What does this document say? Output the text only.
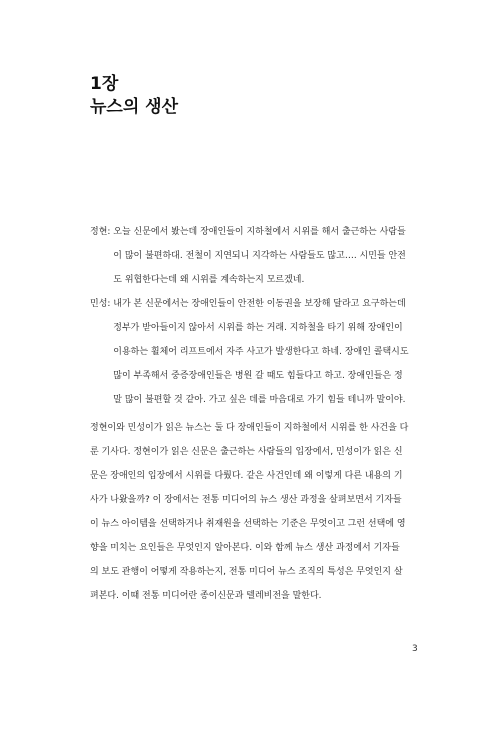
1장
뉴스의 생산
정현: 오늘 신문에서 봤는데 장애인들이 지하철에서 시위를 해서 출근하는 사람들
이 많이 불편하대. 전철이 지연되니 지각하는 사람들도 많고…. 시민들 안전
도 위협한다는데 왜 시위를 계속하는지 모르겠네.
민성: 내가 본 신문에서는 장애인들이 안전한 이동권을 보장해 달라고 요구하는데
정부가 받아들이지 않아서 시위를 하는 거래. 지하철을 타기 위해 장애인이
이용하는 휠체어 리프트에서 자주 사고가 발생한다고 하네. 장애인 콜택시도
많이 부족해서 중증장애인들은 병원 갈 때도 힘들다고 하고. 장애인들은 정
말 많이 불편할 것 같아. 가고 싶은 데를 마음대로 가기 힘들 테니까 말이야.
정현이와 민성이가 읽은 뉴스는 둘 다 장애인들이 지하철에서 시위를 한 사건을 다
룬 기사다. 정현이가 읽은 신문은 출근하는 사람들의 입장에서, 민성이가 읽은 신
문은 장애인의 입장에서 시위를 다뤘다. 같은 사건인데 왜 이렇게 다른 내용의 기
사가 나왔을까? 이 장에서는 전통 미디어의 뉴스 생산 과정을 살펴보면서 기자들
이 뉴스 아이템을 선택하거나 취재원을 선택하는 기준은 무엇이고 그런 선택에 영
향을 미치는 요인들은 무엇인지 알아본다. 이와 함께 뉴스 생산 과정에서 기자들
의 보도 관행이 어떻게 작용하는지, 전통 미디어 뉴스 조직의 특성은 무엇인지 살
펴본다. 이때 전통 미디어란 종이신문과 텔레비전을 말한다.
3
